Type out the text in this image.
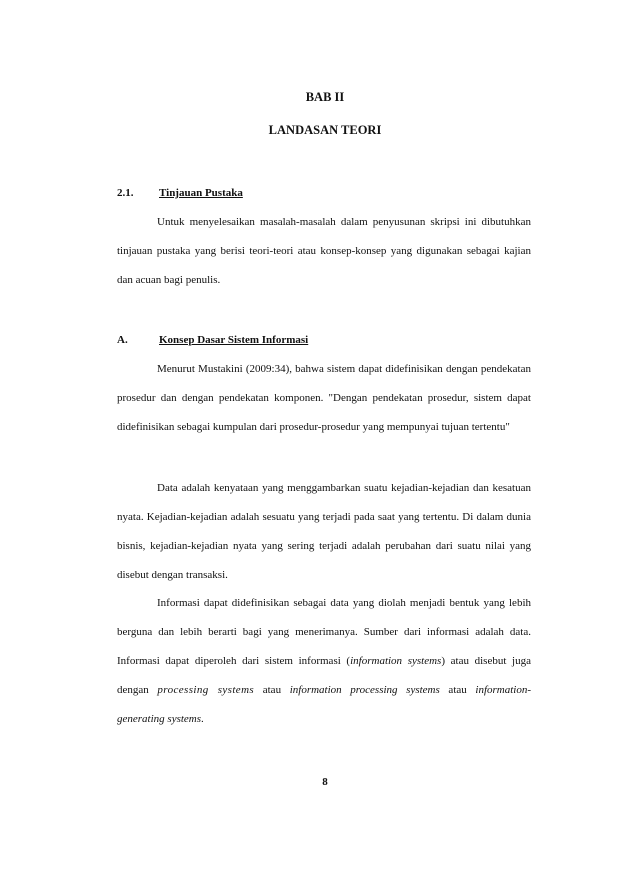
BAB II

LANDASAN TEORI

2.1.	Tinjauan Pustaka

Untuk menyelesaikan masalah-masalah dalam penyusunan skripsi ini dibutuhkan tinjauan pustaka yang berisi teori-teori atau konsep-konsep yang digunakan sebagai kajian dan acuan bagi penulis.

A.	Konsep Dasar Sistem Informasi

Menurut Mustakini (2009:34), bahwa sistem dapat didefinisikan dengan pendekatan prosedur dan dengan pendekatan komponen. "Dengan pendekatan prosedur, sistem dapat didefinisikan sebagai kumpulan dari prosedur-prosedur yang mempunyai tujuan tertentu"

Data adalah kenyataan yang menggambarkan suatu kejadian-kejadian dan kesatuan nyata. Kejadian-kejadian adalah sesuatu yang terjadi pada saat yang tertentu. Di dalam dunia bisnis, kejadian-kejadian nyata yang sering terjadi adalah perubahan dari suatu nilai yang disebut dengan transaksi.

Informasi dapat didefinisikan sebagai data yang diolah menjadi bentuk yang lebih berguna dan lebih berarti bagi yang menerimanya. Sumber dari informasi adalah data. Informasi dapat diperoleh dari sistem informasi (information systems) atau disebut juga dengan processing systems atau information processing systems atau information-generating systems.

8
